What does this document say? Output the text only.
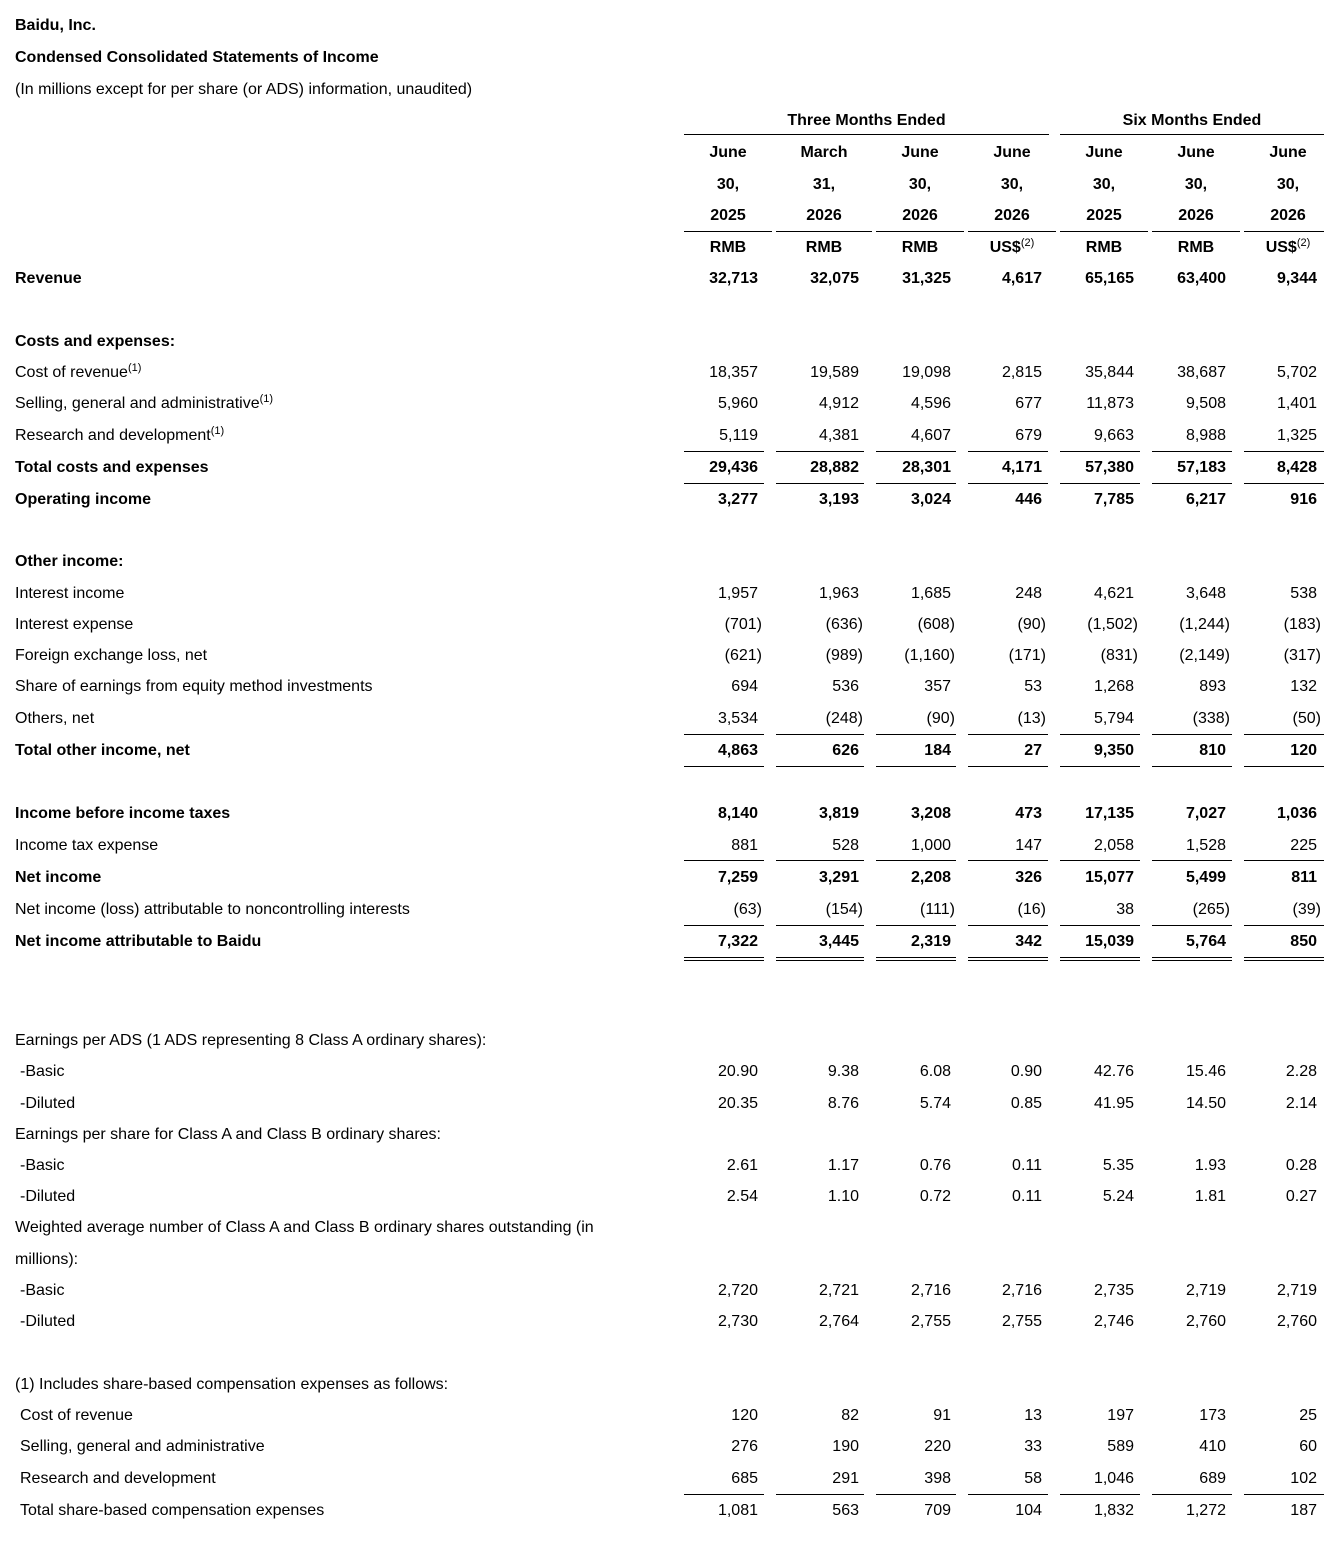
Baidu, Inc.
Condensed Consolidated Statements of Income
(In millions except for per share (or ADS) information, unaudited)
Three Months Ended	Six Months Ended
June	March	June	June	June	June	June
30,	31,	30,	30,	30,	30,	30,
2025	2026	2026	2026	2025	2026	2026
RMB	RMB	RMB	US\$$^{(2)}$	RMB	RMB	US\$$^{(2)}$
Revenue	32,713	32,075	31,325	4,617	65,165	63,400	9,344
Costs and expenses:
Cost of revenue$^{(1)}$	18,357	19,589	19,098	2,815	35,844	38,687	5,702
Selling, general and administrative$^{(1)}$	5,960	4,912	4,596	677	11,873	9,508	1,401
Research and development$^{(1)}$	5,119	4,381	4,607	679	9,663	8,988	1,325
Total costs and expenses	29,436	28,882	28,301	4,171	57,380	57,183	8,428
Operating income	3,277	3,193	3,024	446	7,785	6,217	916
Other income:
Interest income	1,957	1,963	1,685	248	4,621	3,648	538
Interest expense	(701)	(636)	(608)	(90)	(1,502)	(1,244)	(183)
Foreign exchange loss, net	(621)	(989)	(1,160)	(171)	(831)	(2,149)	(317)
Share of earnings from equity method investments	694	536	357	53	1,268	893	132
Others, net	3,534	(248)	(90)	(13)	5,794	(338)	(50)
Total other income, net	4,863	626	184	27	9,350	810	120
Income before income taxes	8,140	3,819	3,208	473	17,135	7,027	1,036
Income tax expense	881	528	1,000	147	2,058	1,528	225
Net income	7,259	3,291	2,208	326	15,077	5,499	811
Net income (loss) attributable to noncontrolling interests	(63)	(154)	(111)	(16)	38	(265)	(39)
Net income attributable to Baidu	7,322	3,445	2,319	342	15,039	5,764	850
Earnings per ADS (1 ADS representing 8 Class A ordinary shares):
-Basic	20.90	9.38	6.08	0.90	42.76	15.46	2.28
-Diluted	20.35	8.76	5.74	0.85	41.95	14.50	2.14
Earnings per share for Class A and Class B ordinary shares:
-Basic	2.61	1.17	0.76	0.11	5.35	1.93	0.28
-Diluted	2.54	1.10	0.72	0.11	5.24	1.81	0.27
Weighted average number of Class A and Class B ordinary shares outstanding (in
millions):
-Basic	2,720	2,721	2,716	2,716	2,735	2,719	2,719
-Diluted	2,730	2,764	2,755	2,755	2,746	2,760	2,760
(1) Includes share-based compensation expenses as follows:
Cost of revenue	120	82	91	13	197	173	25
Selling, general and administrative	276	190	220	33	589	410	60
Research and development	685	291	398	58	1,046	689	102
Total share-based compensation expenses	1,081	563	709	104	1,832	1,272	187
